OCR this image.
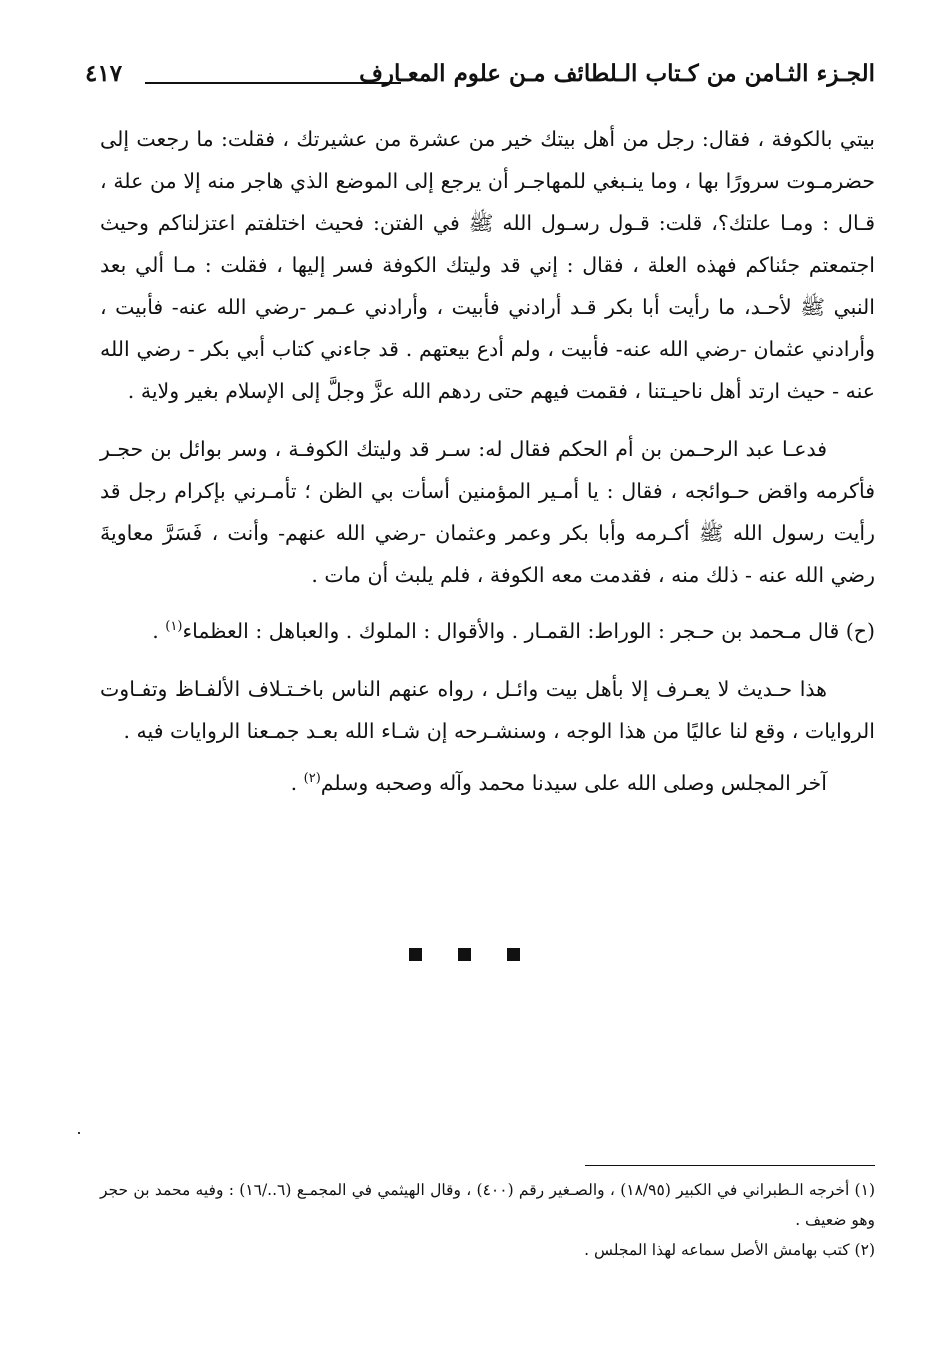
الجـزء الثـامن من كـتاب الـلطائف مـن علوم المعـارف
٤١٧

بيتي بالكوفة ، فقال: رجل من أهل بيتك خير من عشرة من عشيرتك ، فقلت: ما رجعت إلى حضرمـوت سرورًا بها ، وما ينـبغي للمهاجـر أن يرجع إلى الموضع الذي هاجر منه إلا من علة ، قـال : ومـا علتك؟، قلت: قـول رسـول الله ﷺ في الفتن: فحيث اختلفتم اعتزلناكم وحيث اجتمعتم جئناكم فهذه العلة ، فقال : إني قد وليتك الكوفة فسر إليها ، فقلت : مـا ألي بعد النبي ﷺ لأحـد، ما رأيت أبا بكر قـد أرادني فأبيت ، وأرادني عـمر -رضي الله عنه- فأبيت ، وأرادني عثمان -رضي الله عنه- فأبيت ، ولم أدع بيعتهم . قد جاءني كتاب أبي بكر - رضي الله عنه - حيث ارتد أهل ناحيـتنا ، فقمت فيهم حتى ردهم الله عزَّ وجلَّ إلى الإسلام بغير ولاية .

فدعـا عبد الرحـمن بن أم الحكم فقال له: سـر قد وليتك الكوفـة ، وسر بوائل بن حجـر فأكرمه واقض حـوائجه ، فقال : يا أمـير المؤمنين أسأت بي الظن ؛ تأمـرني بإكرام رجل قد رأيت رسول الله ﷺ أكـرمه وأبا بكر وعمر وعثمان -رضي الله عنهم- وأنت ، فَسَرَّ معاويةَ رضي الله عنه - ذلك منه ، فقدمت معه الكوفة ، فلم يلبث أن مات .

(ح) قال مـحمد بن حـجر : الوراط: القمـار . والأقوال : الملوك . والعباهل : العظماء$^{(١)}$ .

هذا حـديث لا يعـرف إلا بأهل بيت وائـل ، رواه عنهم الناس باخـتـلاف الألفـاظ وتفـاوت الروايات ، وقع لنا عاليًا من هذا الوجه ، وسنشـرحه إن شـاء الله بعـد جمـعنا الروايات فيه .

آخر المجلس وصلى الله على سيدنا محمد وآله وصحبه وسلم$^{(٢)}$ .

(١) أخرجه الـطبراني في الكبير (١٨/٩٥) ، والصـغير رقم (٤٠٠) ، وقال الهيثمي في المجمـع (٦../١٦) : وفيه محمد بن حجر وهو ضعيف .

(٢) كتب بهامش الأصل سماعه لهذا المجلس .
